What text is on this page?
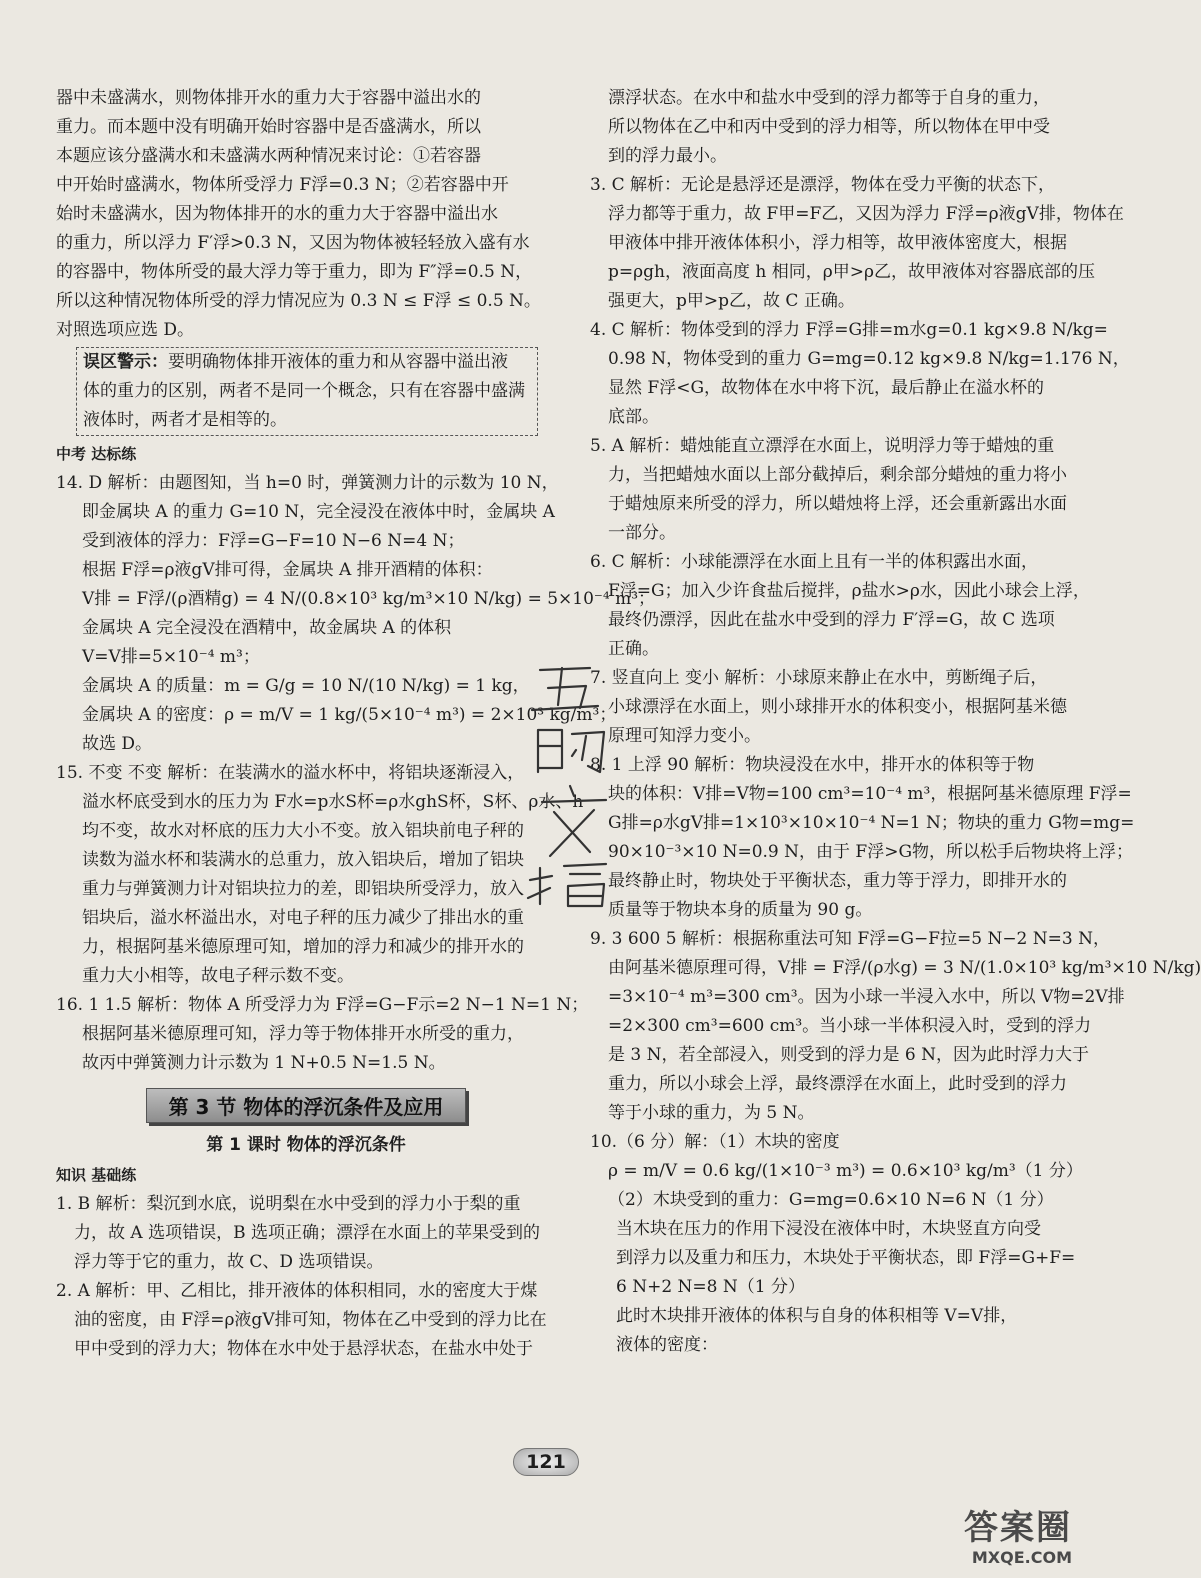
器中未盛满水，则物体排开水的重力大于容器中溢出水的
重力。而本题中没有明确开始时容器中是否盛满水，所以
本题应该分盛满水和未盛满水两种情况来讨论：①若容器
中开始时盛满水，物体所受浮力 F浮=0.3 N；②若容器中开
始时未盛满水，因为物体排开的水的重力大于容器中溢出水
的重力，所以浮力 F′浮>0.3 N，又因为物体被轻轻放入盛有水
的容器中，物体所受的最大浮力等于重力，即为 F″浮=0.5 N，
所以这种情况物体所受的浮力情况应为 0.3 N ≤ F浮 ≤ 0.5 N。
对照选项应选 D。
误区警示：要明确物体排开液体的重力和从容器中溢出液
体的重力的区别，两者不是同一个概念，只有在容器中盛满
液体时，两者才是相等的。
中考 达标练
14. D 解析：由题图知，当 h=0 时，弹簧测力计的示数为 10 N，
即金属块 A 的重力 G=10 N，完全浸没在液体中时，金属块 A
受到液体的浮力：F浮=G−F=10 N−6 N=4 N；
根据 F浮=ρ液gV排可得，金属块 A 排开酒精的体积：
V排 = F浮/(ρ酒精g) = 4 N/(0.8×10³ kg/m³×10 N/kg) = 5×10⁻⁴ m³；
金属块 A 完全浸没在酒精中，故金属块 A 的体积
V=V排=5×10⁻⁴ m³；
金属块 A 的质量：m = G/g = 10 N/(10 N/kg) = 1 kg，
金属块 A 的密度：ρ = m/V = 1 kg/(5×10⁻⁴ m³) = 2×10³ kg/m³；
故选 D。
15. 不变 不变 解析：在装满水的溢水杯中，将铝块逐渐浸入，
溢水杯底受到水的压力为 F水=p水S杯=ρ水ghS杯，S杯、ρ水、h
均不变，故水对杯底的压力大小不变。放入铝块前电子秤的
读数为溢水杯和装满水的总重力，放入铝块后，增加了铝块
重力与弹簧测力计对铝块拉力的差，即铝块所受浮力，放入
铝块后，溢水杯溢出水，对电子秤的压力减少了排出水的重
力，根据阿基米德原理可知，增加的浮力和减少的排开水的
重力大小相等，故电子秤示数不变。
16. 1 1.5 解析：物体 A 所受浮力为 F浮=G−F示=2 N−1 N=1 N；
根据阿基米德原理可知，浮力等于物体排开水所受的重力，
故丙中弹簧测力计示数为 1 N+0.5 N=1.5 N。
第 3 节 物体的浮沉条件及应用
第 1 课时 物体的浮沉条件
知识 基础练
1. B 解析：梨沉到水底，说明梨在水中受到的浮力小于梨的重
力，故 A 选项错误，B 选项正确；漂浮在水面上的苹果受到的
浮力等于它的重力，故 C、D 选项错误。
2. A 解析：甲、乙相比，排开液体的体积相同，水的密度大于煤
油的密度，由 F浮=ρ液gV排可知，物体在乙中受到的浮力比在
甲中受到的浮力大；物体在水中处于悬浮状态，在盐水中处于
漂浮状态。在水中和盐水中受到的浮力都等于自身的重力，
所以物体在乙中和丙中受到的浮力相等，所以物体在甲中受
到的浮力最小。
3. C 解析：无论是悬浮还是漂浮，物体在受力平衡的状态下，
浮力都等于重力，故 F甲=F乙，又因为浮力 F浮=ρ液gV排，物体在
甲液体中排开液体体积小，浮力相等，故甲液体密度大，根据
p=ρgh，液面高度 h 相同，ρ甲>ρ乙，故甲液体对容器底部的压
强更大，p甲>p乙，故 C 正确。
4. C 解析：物体受到的浮力 F浮=G排=m水g=0.1 kg×9.8 N/kg=
0.98 N，物体受到的重力 G=mg=0.12 kg×9.8 N/kg=1.176 N，
显然 F浮<G，故物体在水中将下沉，最后静止在溢水杯的
底部。
5. A 解析：蜡烛能直立漂浮在水面上，说明浮力等于蜡烛的重
力，当把蜡烛水面以上部分截掉后，剩余部分蜡烛的重力将小
于蜡烛原来所受的浮力，所以蜡烛将上浮，还会重新露出水面
一部分。
6. C 解析：小球能漂浮在水面上且有一半的体积露出水面，
F浮=G；加入少许食盐后搅拌，ρ盐水>ρ水，因此小球会上浮，
最终仍漂浮，因此在盐水中受到的浮力 F′浮=G，故 C 选项
正确。
7. 竖直向上 变小 解析：小球原来静止在水中，剪断绳子后，
小球漂浮在水面上，则小球排开水的体积变小，根据阿基米德
原理可知浮力变小。
8. 1 上浮 90 解析：物块浸没在水中，排开水的体积等于物
块的体积：V排=V物=100 cm³=10⁻⁴ m³，根据阿基米德原理 F浮=
G排=ρ水gV排=1×10³×10×10⁻⁴ N=1 N；物块的重力 G物=mg=
90×10⁻³×10 N=0.9 N，由于 F浮>G物，所以松手后物块将上浮；
最终静止时，物块处于平衡状态，重力等于浮力，即排开水的
质量等于物块本身的质量为 90 g。
9. 3 600 5 解析：根据称重法可知 F浮=G−F拉=5 N−2 N=3 N，
由阿基米德原理可得，V排 = F浮/(ρ水g) = 3 N/(1.0×10³ kg/m³×10 N/kg)
=3×10⁻⁴ m³=300 cm³。因为小球一半浸入水中，所以 V物=2V排
=2×300 cm³=600 cm³。当小球一半体积浸入时，受到的浮力
是 3 N，若全部浸入，则受到的浮力是 6 N，因为此时浮力大于
重力，所以小球会上浮，最终漂浮在水面上，此时受到的浮力
等于小球的重力，为 5 N。
10.（6 分）解：（1）木块的密度
ρ = m/V = 0.6 kg/(1×10⁻³ m³) = 0.6×10³ kg/m³（1 分）
（2）木块受到的重力：G=mg=0.6×10 N=6 N（1 分）
当木块在压力的作用下浸没在液体中时，木块竖直方向受
到浮力以及重力和压力，木块处于平衡状态，即 F浮=G+F=
6 N+2 N=8 N（1 分）
此时木块排开液体的体积与自身的体积相等 V=V排，
液体的密度：
121
答案圈
MXQE.COM
